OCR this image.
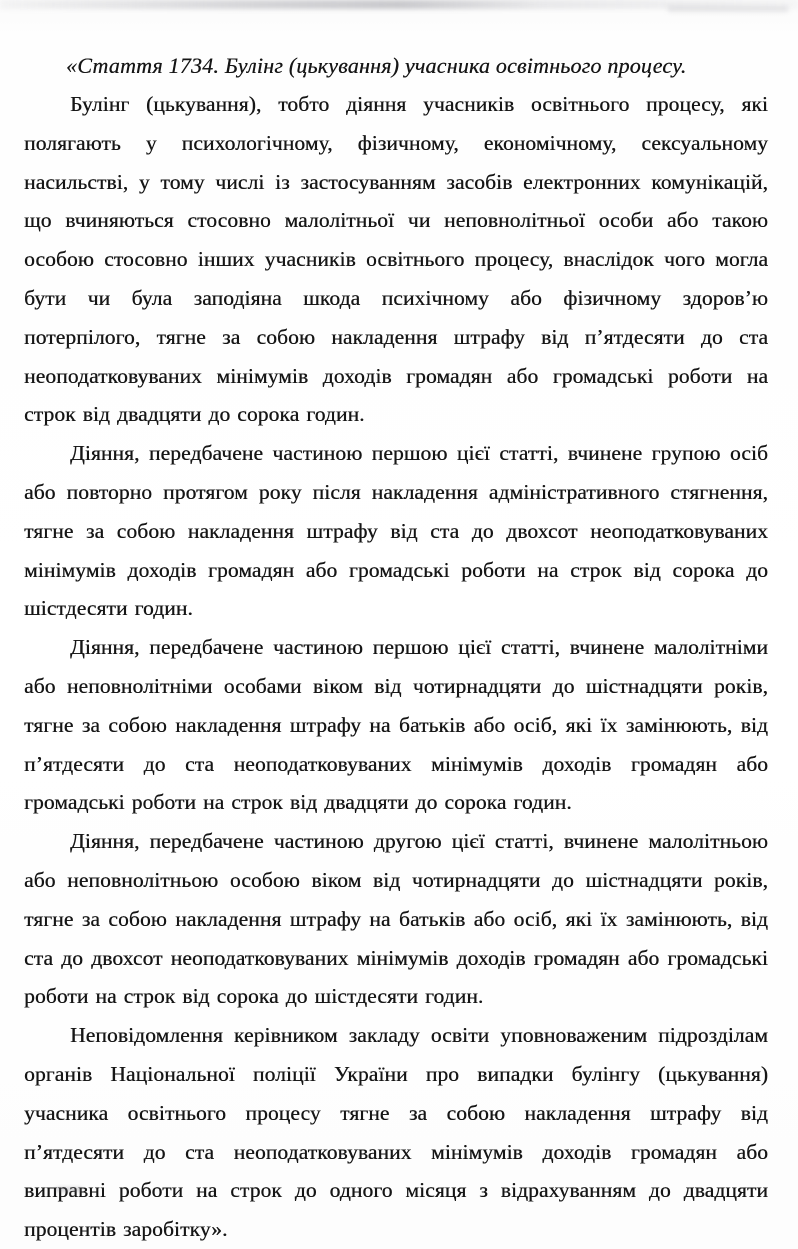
«Стаття 1734. Булінг (цькування) учасника освітнього процесу.

Булінг (цькування), тобто діяння учасників освітнього процесу, які полягають у психологічному, фізичному, економічному, сексуальному насильстві, у тому числі із застосуванням засобів електронних комунікацій, що вчиняються стосовно малолітньої чи неповнолітньої особи або такою особою стосовно інших учасників освітнього процесу, внаслідок чого могла бути чи була заподіяна шкода психічному або фізичному здоров’ю потерпілого, тягне за собою накладення штрафу від п’ятдесяти до ста неоподатковуваних мінімумів доходів громадян або громадські роботи на строк від двадцяти до сорока годин.

Діяння, передбачене частиною першою цієї статті, вчинене групою осіб або повторно протягом року після накладення адміністративного стягнення, тягне за собою накладення штрафу від ста до двохсот неоподатковуваних мінімумів доходів громадян або громадські роботи на строк від сорока до шістдесяти годин.

Діяння, передбачене частиною першою цієї статті, вчинене малолітніми або неповнолітніми особами віком від чотирнадцяти до шістнадцяти років, тягне за собою накладення штрафу на батьків або осіб, які їх замінюють, від п’ятдесяти до ста неоподатковуваних мінімумів доходів громадян або громадські роботи на строк від двадцяти до сорока годин.

Діяння, передбачене частиною другою цієї статті, вчинене малолітньою або неповнолітньою особою віком від чотирнадцяти до шістнадцяти років, тягне за собою накладення штрафу на батьків або осіб, які їх замінюють, від ста до двохсот неоподатковуваних мінімумів доходів громадян або громадські роботи на строк від сорока до шістдесяти годин.

Неповідомлення керівником закладу освіти уповноваженим підрозділам органів Національної поліції України про випадки булінгу (цькування) учасника освітнього процесу тягне за собою накладення штрафу від п’ятдесяти до ста неоподатковуваних мінімумів доходів громадян або виправні роботи на строк до одного місяця з відрахуванням до двадцяти процентів заробітку».
